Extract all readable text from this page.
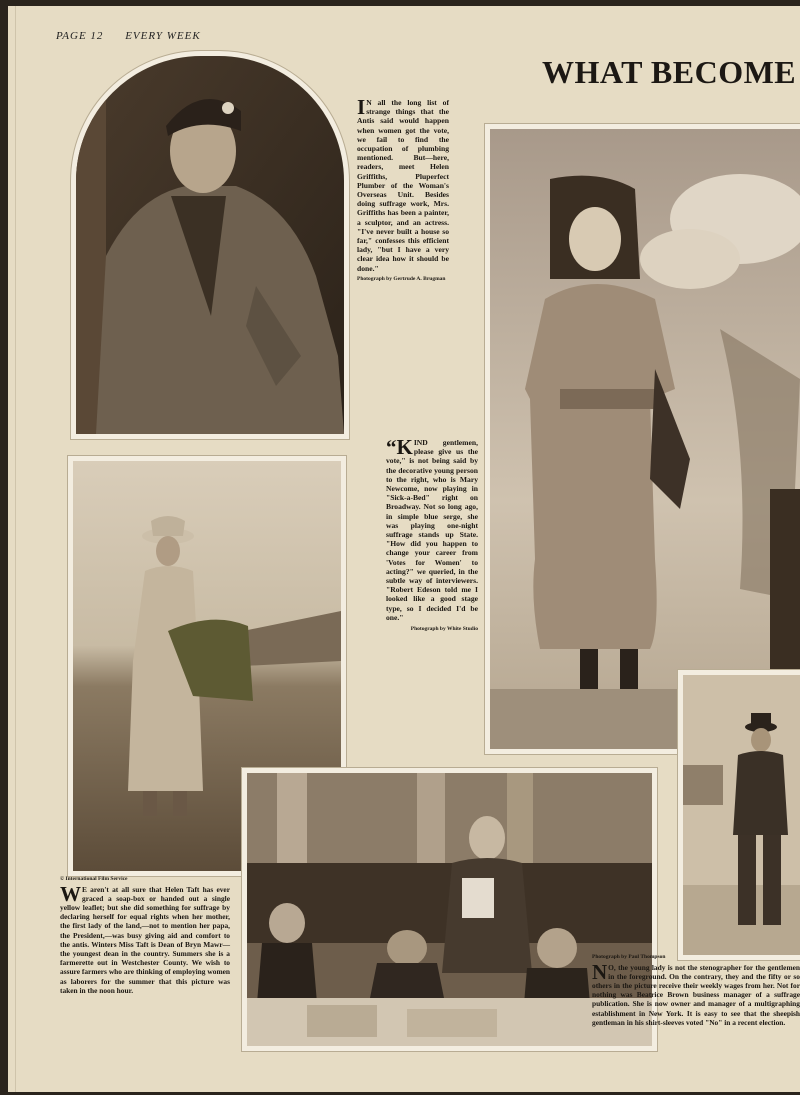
PAGE 12 EVERY WEEK
WHAT BECOME
I N all the long list of strange things that the Antis said would happen when women got the vote, we fail to find the occupation of plumbing mentioned. But—here, readers, meet Helen Griffiths, Pluperfect Plumber of the Woman's Overseas Unit. Besides doing suffrage work, Mrs. Griffiths has been a painter, a sculptor, and an actress. "I've never built a house so far," confesses this efficient lady, "but I have a very clear idea how it should be done."
Photograph by Gertrude A. Brugman
“KIND gentlemen, please give us the vote," is not being said by the decorative young person to the right, who is Mary Newcome, now playing in "Sick-a-Bed" right on Broadway. Not so long ago, in simple blue serge, she was playing one-night suffrage stands up State. "How did you happen to change your career from 'Votes for Women' to acting?" we queried, in the subtle way of interviewers. "Robert Edeson told me I looked like a good stage type, so I decided I'd be one."
Photograph by White Studio
© International Film Service
W E aren't at all sure that Helen Taft has ever graced a soap-box or handed out a single yellow leaflet; but she did something for suffrage by declaring herself for equal rights when her mother, the first lady of the land,—not to mention her papa, the President,—was busy giving aid and comfort to the antis. Winters Miss Taft is Dean of Bryn Mawr—the youngest dean in the country. Summers she is a farmerette out in Westchester County. We wish to assure farmers who are thinking of employing women as laborers for the summer that this picture was taken in the noon hour.
Photograph by Paul Thompson
N O, the young lady is not the stenographer for the gentlemen in the foreground. On the contrary, they and the fifty or so others in the picture receive their weekly wages from her. Not for nothing was Beatrice Brown business manager of a suffrage publication. She is now owner and manager of a multigraphing establishment in New York. It is easy to see that the sheepish gentleman in his shirt-sleeves voted "No" in a recent election.
